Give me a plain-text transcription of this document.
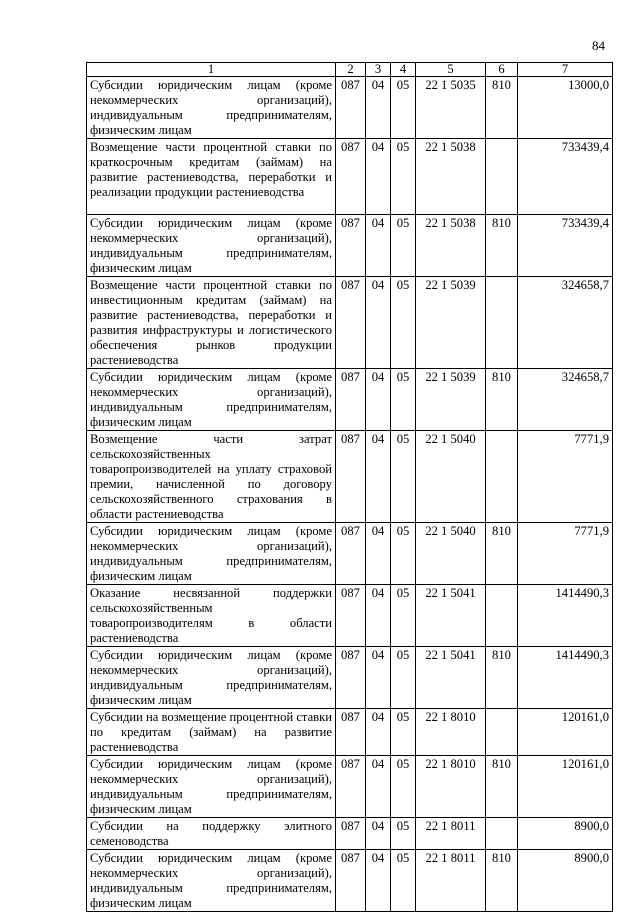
84
1	2	3	4	5	6	7
Субсидии юридическим лицам (кроме некоммерческих организаций), индивидуальным предпринимателям, физическим лицам	087	04	05	22 1 5035	810	13000,0
Возмещение части процентной ставки по краткосрочным кредитам (займам) на развитие растениеводства, переработки и реализации продукции растениеводства	087	04	05	22 1 5038		733439,4
Субсидии юридическим лицам (кроме некоммерческих организаций), индивидуальным предпринимателям, физическим лицам	087	04	05	22 1 5038	810	733439,4
Возмещение части процентной ставки по инвестиционным кредитам (займам) на развитие растениеводства, переработки и развития инфраструктуры и логистического обеспечения рынков продукции растениеводства	087	04	05	22 1 5039		324658,7
Субсидии юридическим лицам (кроме некоммерческих организаций), индивидуальным предпринимателям, физическим лицам	087	04	05	22 1 5039	810	324658,7
Возмещение части затрат сельскохозяйственных товаропроизводителей на уплату страховой премии, начисленной по договору сельскохозяйственного страхования в области растениеводства	087	04	05	22 1 5040		7771,9
Субсидии юридическим лицам (кроме некоммерческих организаций), индивидуальным предпринимателям, физическим лицам	087	04	05	22 1 5040	810	7771,9
Оказание несвязанной поддержки сельскохозяйственным товаропроизводителям в области растениеводства	087	04	05	22 1 5041		1414490,3
Субсидии юридическим лицам (кроме некоммерческих организаций), индивидуальным предпринимателям, физическим лицам	087	04	05	22 1 5041	810	1414490,3
Субсидии на возмещение процентной ставки по кредитам (займам) на развитие растениеводства	087	04	05	22 1 8010		120161,0
Субсидии юридическим лицам (кроме некоммерческих организаций), индивидуальным предпринимателям, физическим лицам	087	04	05	22 1 8010	810	120161,0
Субсидии на поддержку элитного семеноводства	087	04	05	22 1 8011		8900,0
Субсидии юридическим лицам (кроме некоммерческих организаций), индивидуальным предпринимателям, физическим лицам	087	04	05	22 1 8011	810	8900,0
